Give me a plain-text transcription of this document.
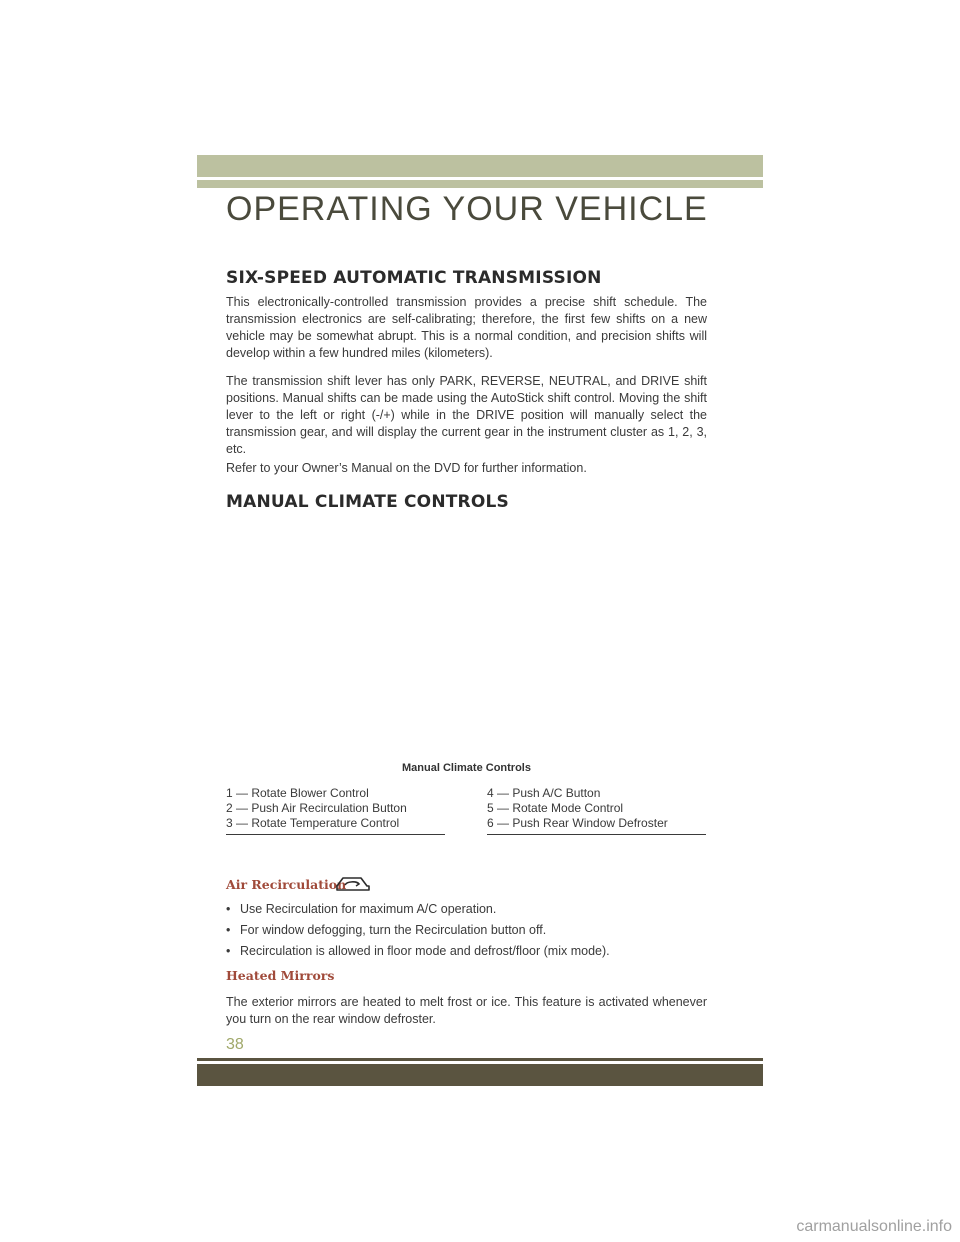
OPERATING YOUR VEHICLE
SIX-SPEED AUTOMATIC TRANSMISSION

This electronically-controlled transmission provides a precise shift schedule. The transmission electronics are self-calibrating; therefore, the first few shifts on a new vehicle may be somewhat abrupt. This is a normal condition, and precision shifts will develop within a few hundred miles (kilometers).

The transmission shift lever has only PARK, REVERSE, NEUTRAL, and DRIVE shift positions. Manual shifts can be made using the AutoStick shift control. Moving the shift lever to the left or right (-/+) while in the DRIVE position will manually select the transmission gear, and will display the current gear in the instrument cluster as 1, 2, 3, etc.

Refer to your Owner’s Manual on the DVD for further information.

MANUAL CLIMATE CONTROLS
Manual Climate Controls
1 — Rotate Blower Control
2 — Push Air Recirculation Button
3 — Rotate Temperature Control
4 — Push A/C Button
5 — Rotate Mode Control
6 — Push Rear Window Defroster
Air Recirculation
• Use Recirculation for maximum A/C operation.
• For window defogging, turn the Recirculation button off.
• Recirculation is allowed in floor mode and defrost/floor (mix mode).
Heated Mirrors

The exterior mirrors are heated to melt frost or ice. This feature is activated whenever you turn on the rear window defroster.

38
carmanualsonline.info
